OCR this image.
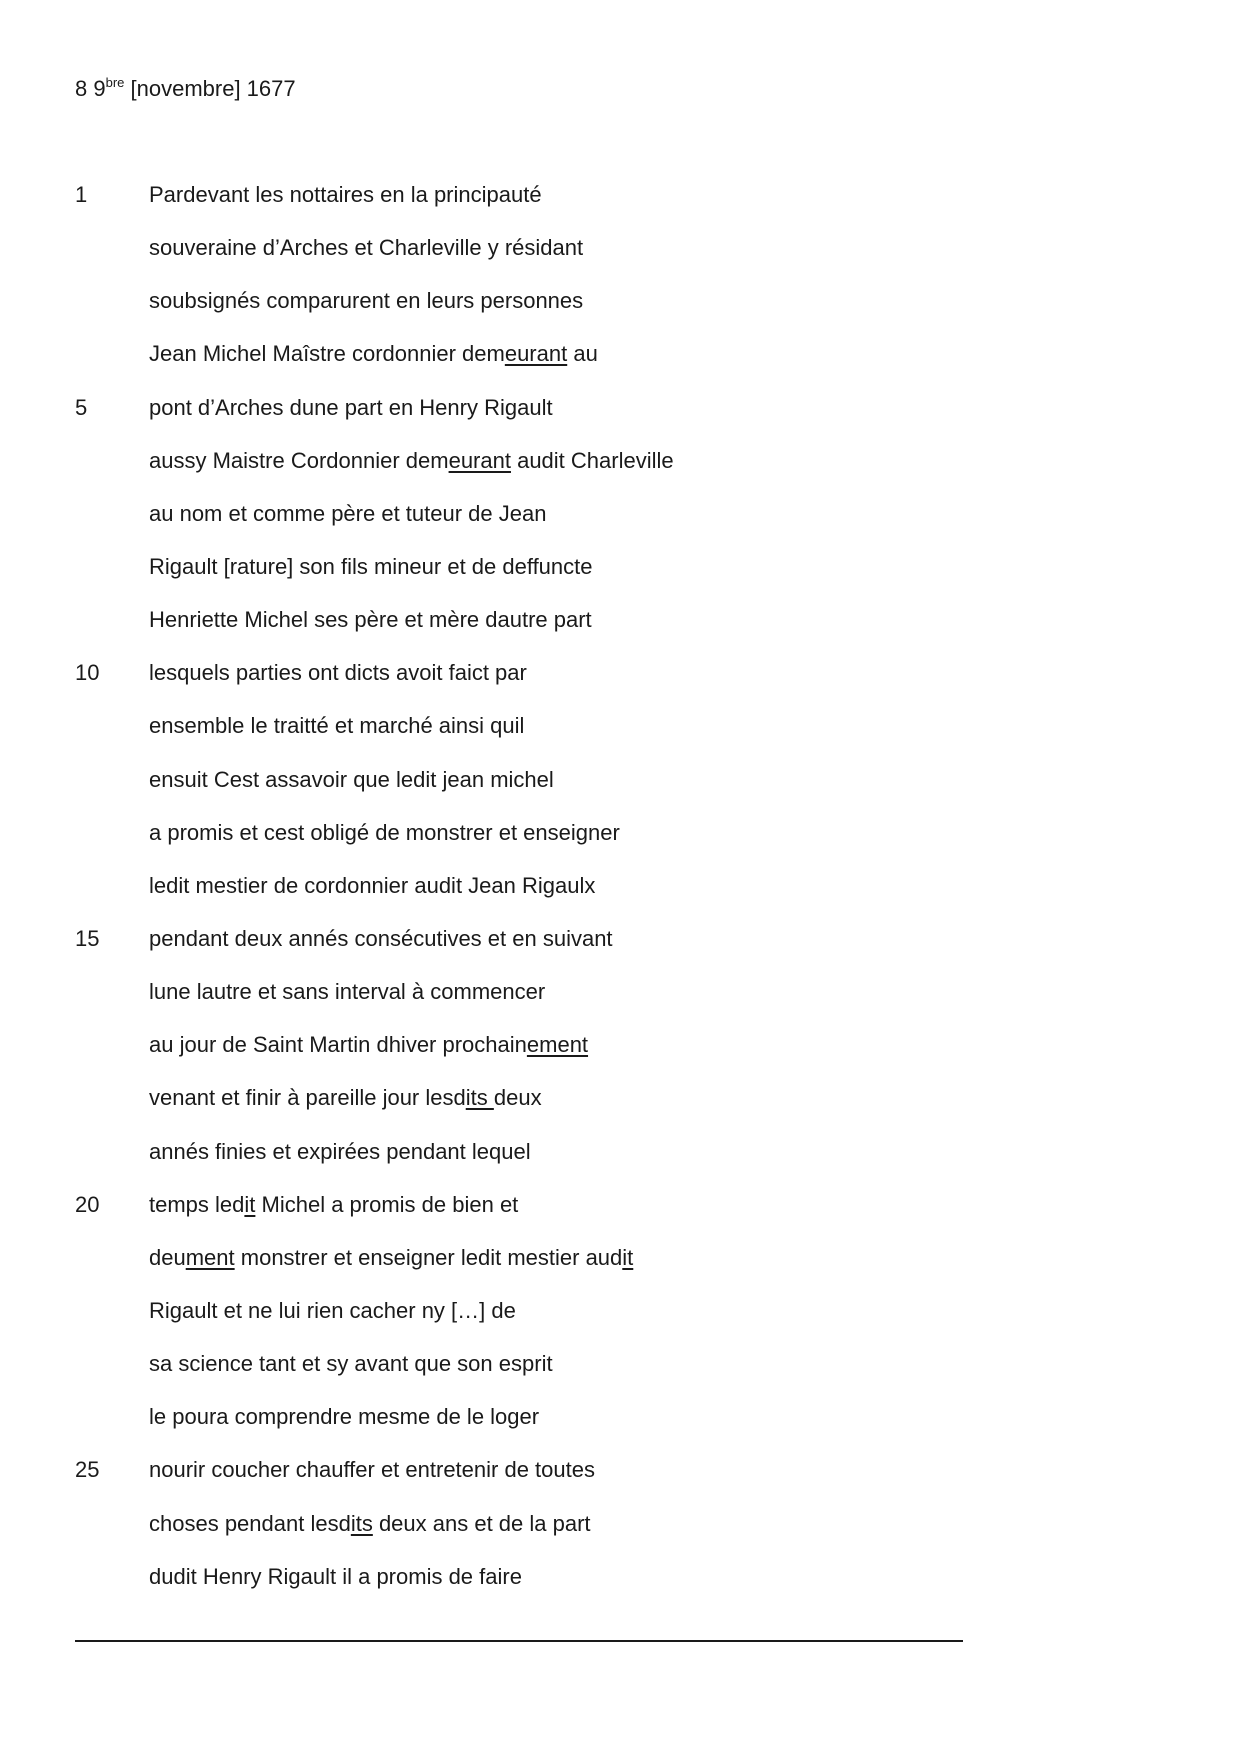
8 $9^{bre}$ [novembre] 1677
1	Pardevant les nottaires en la principauté
souveraine d’Arches et Charleville y résidant
soubsignés comparurent en leurs personnes
Jean Michel Maîstre cordonnier demeurant au
5	pont d’Arches dune part en Henry Rigault
aussy Maistre Cordonnier demeurant audit Charleville
au nom et comme père et tuteur de Jean
Rigault [rature] son fils mineur et de deffuncte
Henriette Michel ses père et mère dautre part
10	lesquels parties ont dicts avoit faict par
ensemble le traitté et marché ainsi quil
ensuit Cest assavoir que ledit jean michel
a promis et cest obligé de monstrer et enseigner
ledit mestier de cordonnier audit Jean Rigaulx
15	pendant deux annés consécutives et en suivant
lune lautre et sans interval à commencer
au jour de Saint Martin dhiver prochainement
venant et finir à pareille jour lesdits deux
annés finies et expirées pendant lequel
20	temps ledit Michel a promis de bien et
deument monstrer et enseigner ledit mestier audit
Rigault et ne lui rien cacher ny […] de
sa science tant et sy avant que son esprit
le poura comprendre mesme de le loger
25	nourir coucher chauffer et entretenir de toutes
choses pendant lesdits deux ans et de la part
dudit Henry Rigault il a promis de faire
